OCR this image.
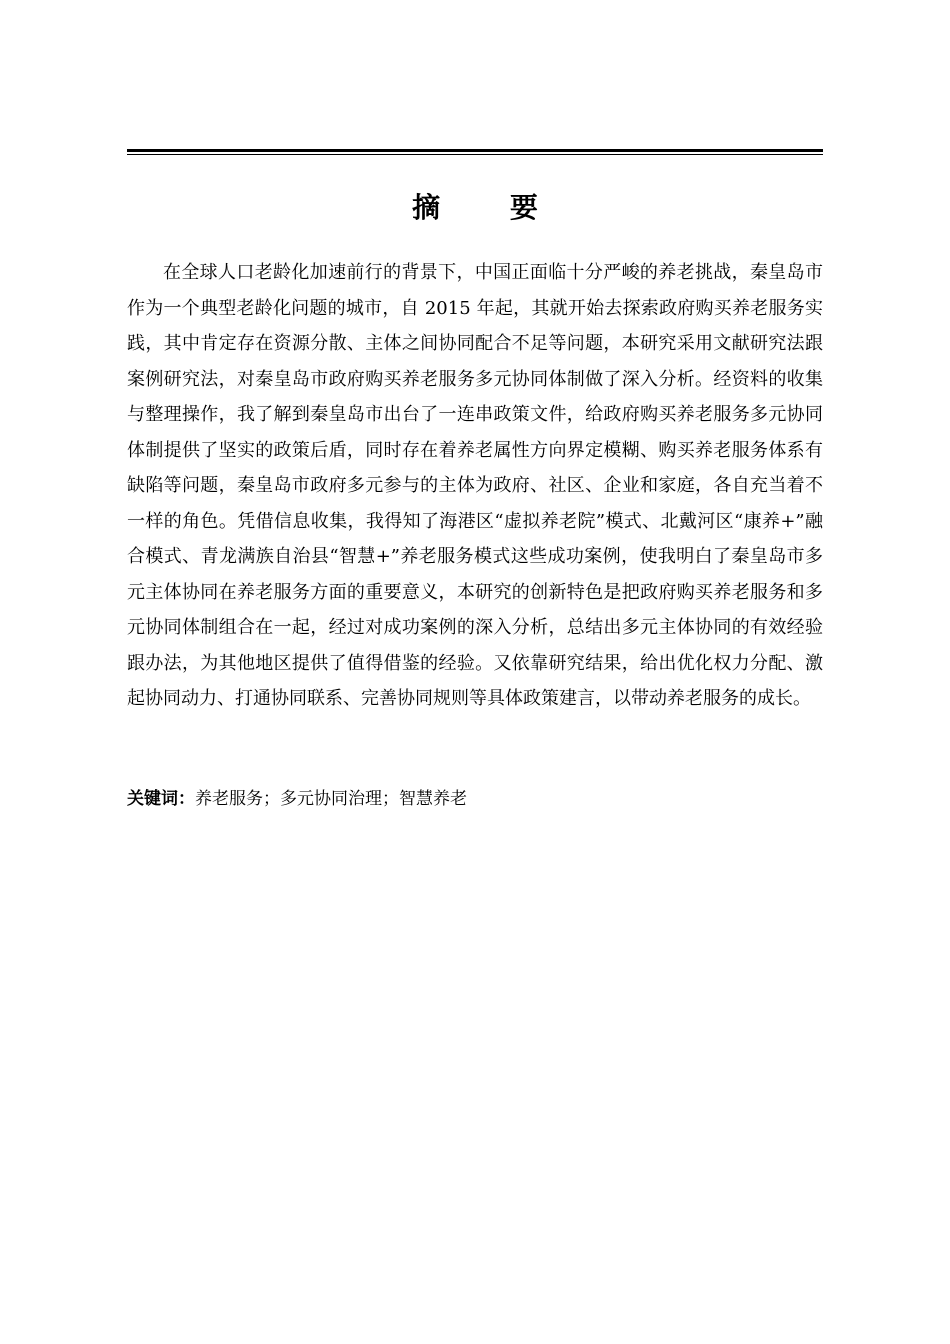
摘 要

在全球人口老龄化加速前行的背景下，中国正面临十分严峻的养老挑战，秦皇岛市作为一个典型老龄化问题的城市，自 2015 年起，其就开始去探索政府购买养老服务实践，其中肯定存在资源分散、主体之间协同配合不足等问题，本研究采用文献研究法跟案例研究法，对秦皇岛市政府购买养老服务多元协同体制做了深入分析。经资料的收集与整理操作，我了解到秦皇岛市出台了一连串政策文件，给政府购买养老服务多元协同体制提供了坚实的政策后盾，同时存在着养老属性方向界定模糊、购买养老服务体系有缺陷等问题，秦皇岛市政府多元参与的主体为政府、社区、企业和家庭，各自充当着不一样的角色。凭借信息收集，我得知了海港区“虚拟养老院”模式、北戴河区“康养+”融合模式、青龙满族自治县“智慧+”养老服务模式这些成功案例，使我明白了秦皇岛市多元主体协同在养老服务方面的重要意义，本研究的创新特色是把政府购买养老服务和多元协同体制组合在一起，经过对成功案例的深入分析，总结出多元主体协同的有效经验跟办法，为其他地区提供了值得借鉴的经验。又依靠研究结果，给出优化权力分配、激起协同动力、打通协同联系、完善协同规则等具体政策建言，以带动养老服务的成长。

关键词：养老服务；多元协同治理；智慧养老
